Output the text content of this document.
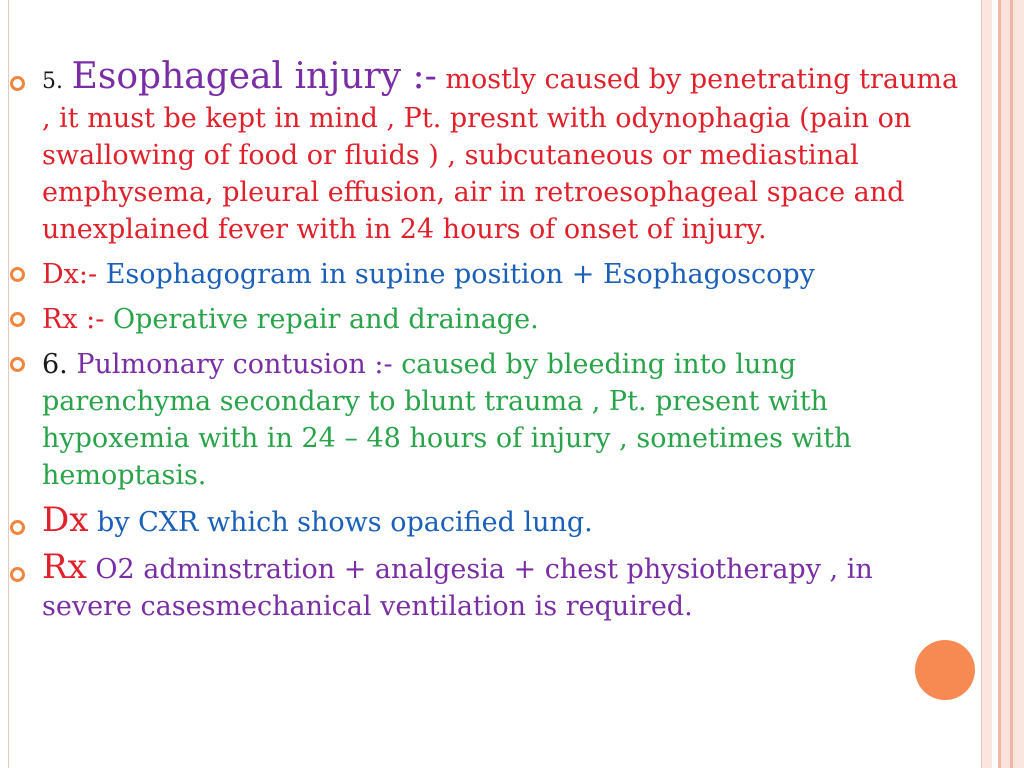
5. Esophageal injury :- mostly caused by penetrating trauma , it must be kept in mind , Pt. presnt with odynophagia (pain on swallowing of food or fluids ) , subcutaneous or mediastinal emphysema, pleural effusion, air in retroesophageal space and unexplained fever with in 24 hours of onset of injury.
Dx:- Esophagogram in supine position + Esophagoscopy
Rx :- Operative repair and drainage.
6. Pulmonary contusion :- caused by bleeding into lung parenchyma secondary to blunt trauma , Pt. present with hypoxemia with in 24 – 48 hours of injury , sometimes with hemoptasis.
Dx by CXR which shows opacified lung.
Rx O2 adminstration + analgesia + chest physiotherapy , in severe casesmechanical ventilation is required.
